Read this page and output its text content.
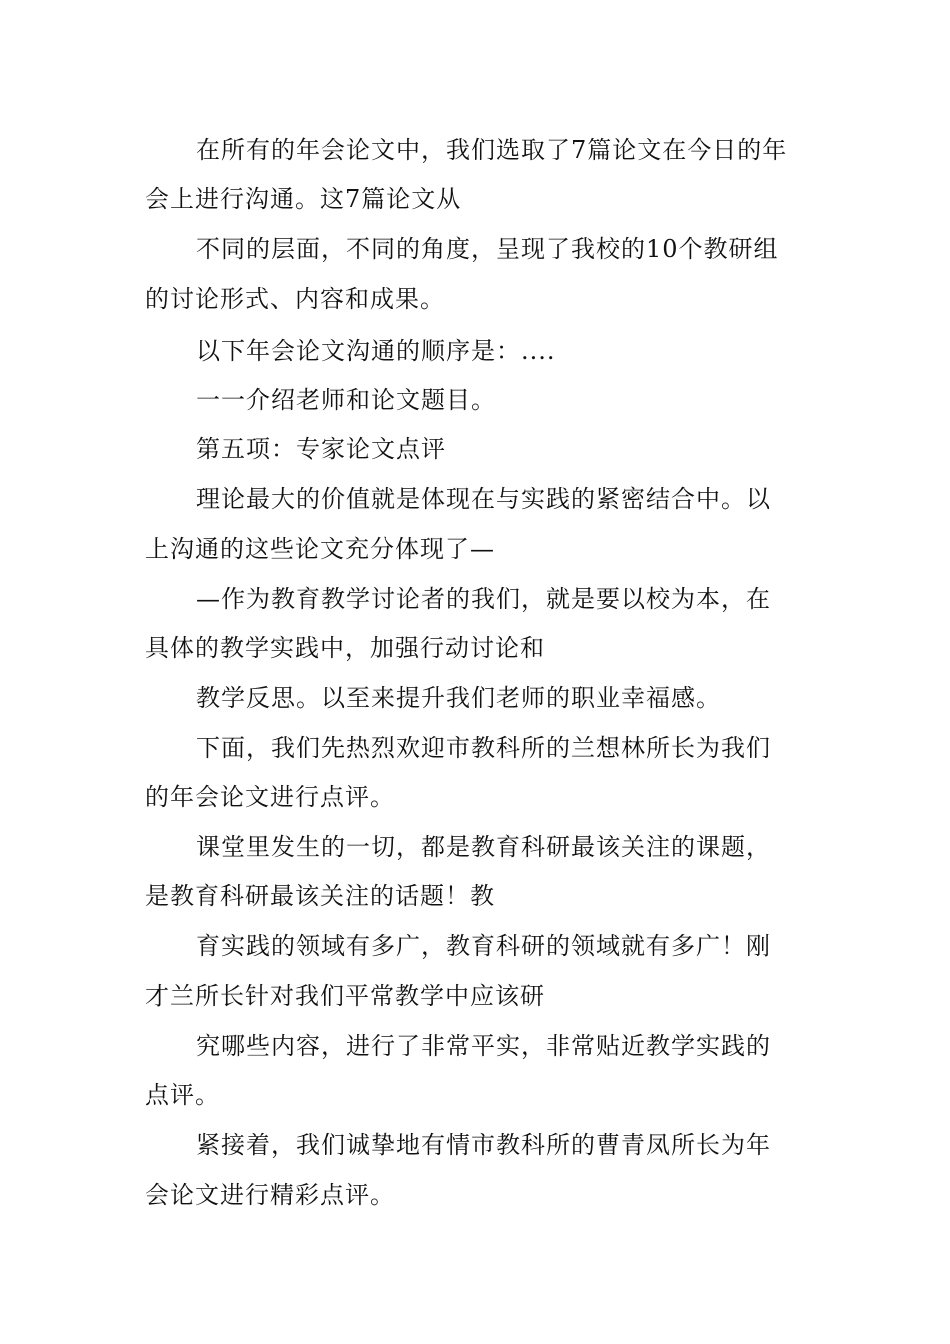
在所有的年会论文中，我们选取了7篇论文在今日的年
会上进行沟通。这7篇论文从
不同的层面，不同的角度，呈现了我校的10个教研组
的讨论形式、内容和成果。
以下年会论文沟通的顺序是：....
一一介绍老师和论文题目。
第五项：专家论文点评
理论最大的价值就是体现在与实践的紧密结合中。以
上沟通的这些论文充分体现了—
—作为教育教学讨论者的我们，就是要以校为本，在
具体的教学实践中，加强行动讨论和
教学反思。以至来提升我们老师的职业幸福感。
下面，我们先热烈欢迎市教科所的兰想林所长为我们
的年会论文进行点评。
课堂里发生的一切，都是教育科研最该关注的课题，
是教育科研最该关注的话题！教
育实践的领域有多广，教育科研的领域就有多广！刚
才兰所长针对我们平常教学中应该研
究哪些内容，进行了非常平实，非常贴近教学实践的
点评。
紧接着，我们诚挚地有情市教科所的曹青凤所长为年
会论文进行精彩点评。
